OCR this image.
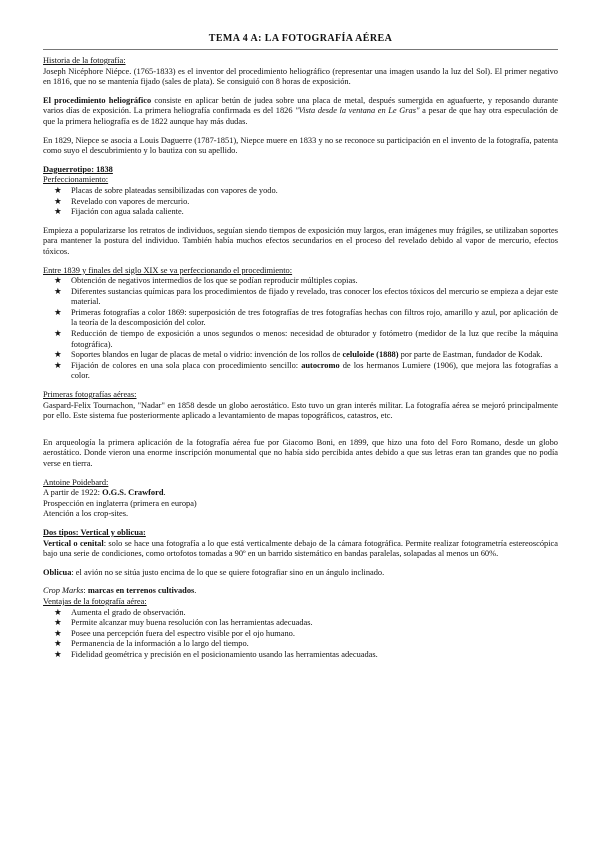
TEMA 4 A: LA FOTOGRAFÍA AÉREA

Historia de la fotografía:

Joseph Nicéphore Niépce. (1765-1833) es el inventor del procedimiento heliográfico (representar una imagen usando la luz del Sol). El primer negativo en 1816, que no se mantenía fijado (sales de plata). Se consiguió con 8 horas de exposición.

El procedimiento heliográfico consiste en aplicar betún de judea sobre una placa de metal, después sumergida en aguafuerte, y reposando durante varios días de exposición. La primera heliografía confirmada es del 1826 "Vista desde la ventana en Le Gras" a pesar de que hay otra especulación de que la primera heliografía es de 1822 aunque hay más dudas.

En 1829, Niepce se asocia a Louis Daguerre (1787-1851), Niepce muere en 1833 y no se reconoce su participación en el invento de la fotografía, patenta como suyo el descubrimiento y lo bautiza con su apellido.

Daguerrotipo: 1838

Perfeccionamiento:

★ Placas de sobre plateadas sensibilizadas con vapores de yodo.
★ Revelado con vapores de mercurio.
★ Fijación con agua salada caliente.

Empieza a popularizarse los retratos de individuos, seguían siendo tiempos de exposición muy largos, eran imágenes muy frágiles, se utilizaban soportes para mantener la postura del individuo. También había muchos efectos secundarios en el proceso del revelado debido al vapor de mercurio, efectos tóxicos.

Entre 1839 y finales del siglo XIX se va perfeccionando el procedimiento:

★ Obtención de negativos intermedios de los que se podían reproducir múltiples copias.
★ Diferentes sustancias químicas para los procedimientos de fijado y revelado, tras conocer los efectos tóxicos del mercurio se empieza a dejar este material.
★ Primeras fotografías a color 1869: superposición de tres fotografías de tres fotografías hechas con filtros rojo, amarillo y azul, por aplicación de la teoría de la descomposición del color.
★ Reducción de tiempo de exposición a unos segundos o menos: necesidad de obturador y fotómetro (medidor de la luz que recibe la máquina fotográfica).
★ Soportes blandos en lugar de placas de metal o vidrio: invención de los rollos de celuloide (1888) por parte de Eastman, fundador de Kodak.
★ Fijación de colores en una sola placa con procedimiento sencillo: autocromo de los hermanos Lumiere (1906), que mejora las fotografías a color.

Primeras fotografías aéreas:

Gaspard-Felix Tournachon, "Nadar" en 1858 desde un globo aerostático. Esto tuvo un gran interés militar. La fotografía aérea se mejoró principalmente por ello. Este sistema fue posteriormente aplicado a levantamiento de mapas topográficos, catastros, etc.

En arqueología la primera aplicación de la fotografía aérea fue por Giacomo Boni, en 1899, que hizo una foto del Foro Romano, desde un globo aerostático. Donde vieron una enorme inscripción monumental que no había sido percibida antes debido a que sus letras eran tan grandes que no podía verse en tierra.

Antoine Poidebard:

A partir de 1922: O.G.S. Crawford.

Prospección en inglaterra (primera en europa)

Atención a los crop-sites.

Dos tipos: Vertical y oblicua:

Vertical o cenital: solo se hace una fotografía a lo que está verticalmente debajo de la cámara fotográfica. Permite realizar fotogrametría estereoscópica bajo una serie de condiciones, como ortofotos tomadas a 90º en un barrido sistemático en bandas paralelas, solapadas al menos un 60%.

Oblicua: el avión no se sitúa justo encima de lo que se quiere fotografiar sino en un ángulo inclinado.

Crop Marks: marcas en terrenos cultivados.

Ventajas de la fotografía aérea:

★ Aumenta el grado de observación.
★ Permite alcanzar muy buena resolución con las herramientas adecuadas.
★ Posee una percepción fuera del espectro visible por el ojo humano.
★ Permanencia de la información a lo largo del tiempo.
★ Fidelidad geométrica y precisión en el posicionamiento usando las herramientas adecuadas.
